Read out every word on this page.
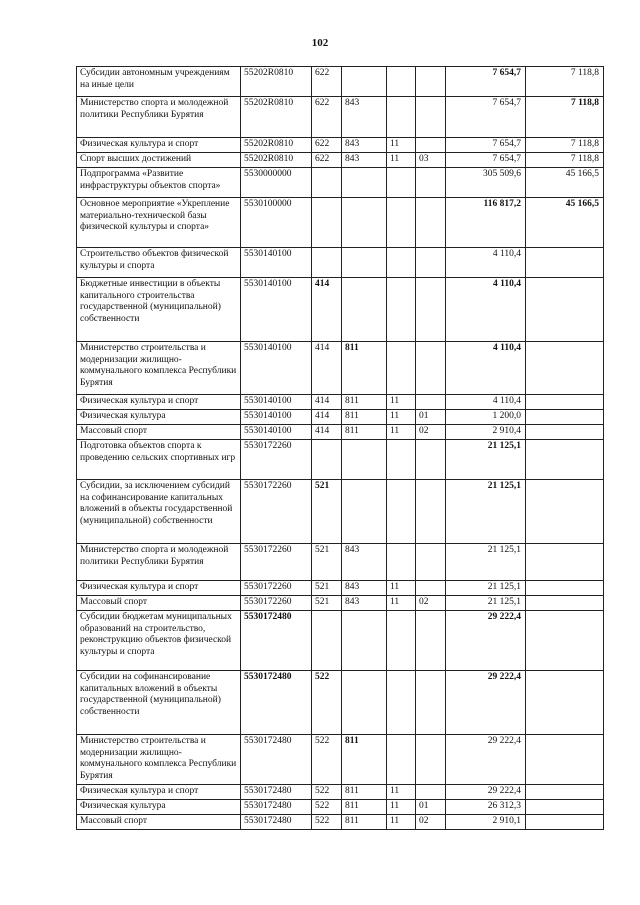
102
Субсидии автономным учреждениям на иные цели	55202R0810	622				7 654,7	7 118,8
Министерство спорта и молодежной политики Республики Бурятия	55202R0810	622	843			7 654,7	7 118,8
Физическая культура и спорт	55202R0810	622	843	11		7 654,7	7 118,8
Спорт высших достижений	55202R0810	622	843	11	03	7 654,7	7 118,8
Подпрограмма «Развитие инфраструктуры объектов спорта»	5530000000					305 509,6	45 166,5
Основное мероприятие «Укрепление материально-технической базы физической культуры и спорта»	5530100000					116 817,2	45 166,5
Строительство объектов физической культуры и спорта	5530140100					4 110,4	
Бюджетные инвестиции в объекты капитального строительства государственной (муниципальной) собственности	5530140100	414				4 110,4	
Министерство строительства и модернизации жилищно-коммунального комплекса Республики Бурятия	5530140100	414	811			4 110,4	
Физическая культура и спорт	5530140100	414	811	11		4 110,4	
Физическая культура	5530140100	414	811	11	01	1 200,0	
Массовый спорт	5530140100	414	811	11	02	2 910,4	
Подготовка объектов спорта к проведению сельских спортивных игр	5530172260					21 125,1	
Субсидии, за исключением субсидий на софинансирование капитальных вложений в объекты государственной (муниципальной) собственности	5530172260	521				21 125,1	
Министерство спорта и молодежной политики Республики Бурятия	5530172260	521	843			21 125,1	
Физическая культура и спорт	5530172260	521	843	11		21 125,1	
Массовый спорт	5530172260	521	843	11	02	21 125,1	
Субсидии бюджетам муниципальных образований на строительство, реконструкцию объектов физической культуры и спорта	5530172480					29 222,4	
Субсидии на софинансирование капитальных вложений в объекты государственной (муниципальной) собственности	5530172480	522				29 222,4	
Министерство строительства и модернизации жилищно-коммунального комплекса Республики Бурятия	5530172480	522	811			29 222,4	
Физическая культура и спорт	5530172480	522	811	11		29 222,4	
Физическая культура	5530172480	522	811	11	01	26 312,3	
Массовый спорт	5530172480	522	811	11	02	2 910,1	
